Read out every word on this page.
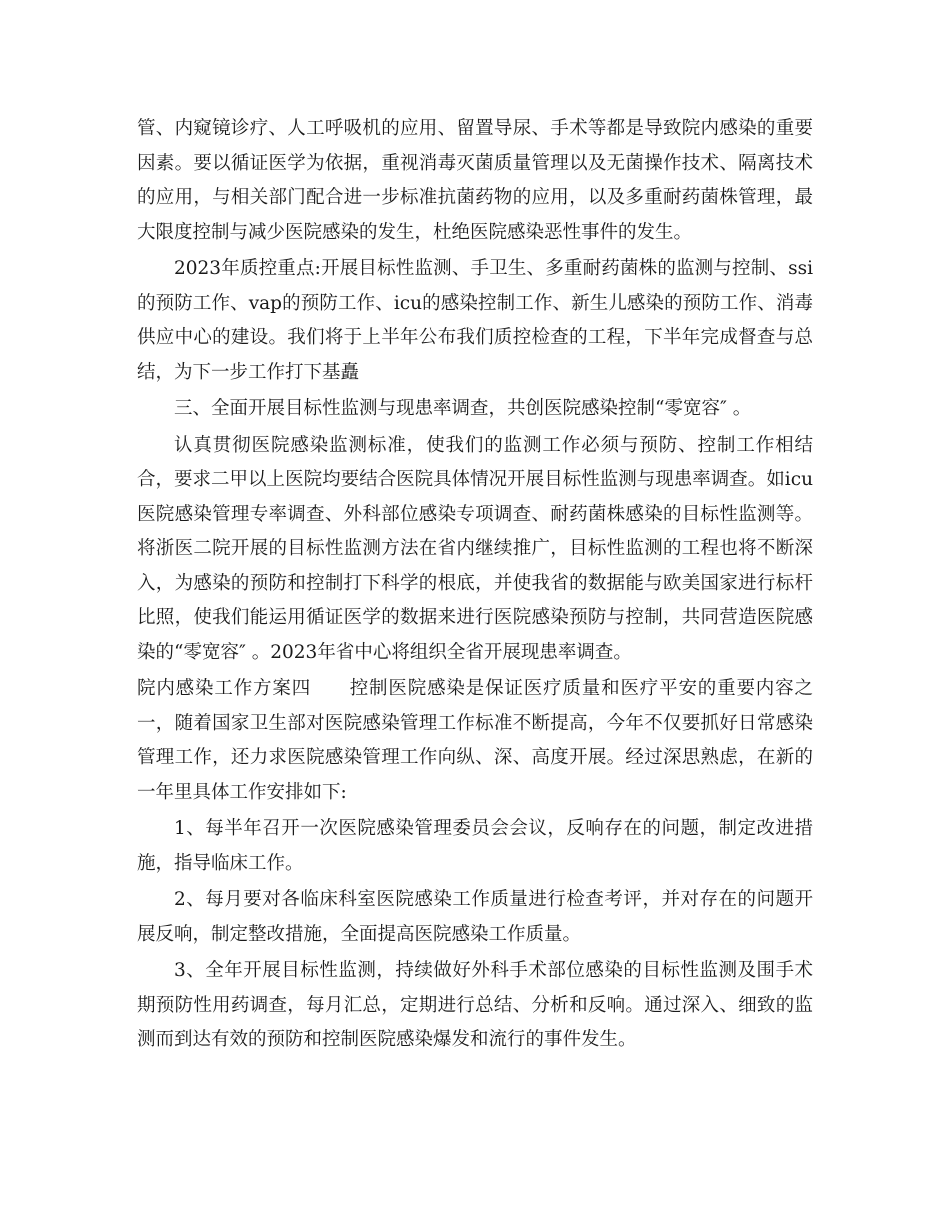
管、内窥镜诊疗、人工呼吸机的应用、留置导尿、手术等都是导致院内感染的重要因素。要以循证医学为依据，重视消毒灭菌质量管理以及无菌操作技术、隔离技术的应用，与相关部门配合进一步标准抗菌药物的应用，以及多重耐药菌株管理，最大限度控制与减少医院感染的发生，杜绝医院感染恶性事件的发生。

2023年质控重点:开展目标性监测、手卫生、多重耐药菌株的监测与控制、ssi的预防工作、vap的预防工作、icu的感染控制工作、新生儿感染的预防工作、消毒供应中心的建设。我们将于上半年公布我们质控检查的工程，下半年完成督查与总结，为下一步工作打下基矗

三、全面开展目标性监测与现患率调查，共创医院感染控制“零宽容″ 。

认真贯彻医院感染监测标准，使我们的监测工作必须与预防、控制工作相结合，要求二甲以上医院均要结合医院具体情况开展目标性监测与现患率调查。如icu医院感染管理专率调查、外科部位感染专项调查、耐药菌株感染的目标性监测等。将浙医二院开展的目标性监测方法在省内继续推广，目标性监测的工程也将不断深入，为感染的预防和控制打下科学的根底，并使我省的数据能与欧美国家进行标杆比照，使我们能运用循证医学的数据来进行医院感染预防与控制，共同营造医院感染的“零宽容″ 。2023年省中心将组织全省开展现患率调查。

院内感染工作方案四　　控制医院感染是保证医疗质量和医疗平安的重要内容之一，随着国家卫生部对医院感染管理工作标准不断提高，今年不仅要抓好日常感染管理工作，还力求医院感染管理工作向纵、深、高度开展。经过深思熟虑，在新的一年里具体工作安排如下:

1、每半年召开一次医院感染管理委员会会议，反响存在的问题，制定改进措施，指导临床工作。

2、每月要对各临床科室医院感染工作质量进行检查考评，并对存在的问题开展反响，制定整改措施，全面提高医院感染工作质量。

3、全年开展目标性监测，持续做好外科手术部位感染的目标性监测及围手术期预防性用药调查，每月汇总，定期进行总结、分析和反响。通过深入、细致的监测而到达有效的预防和控制医院感染爆发和流行的事件发生。
